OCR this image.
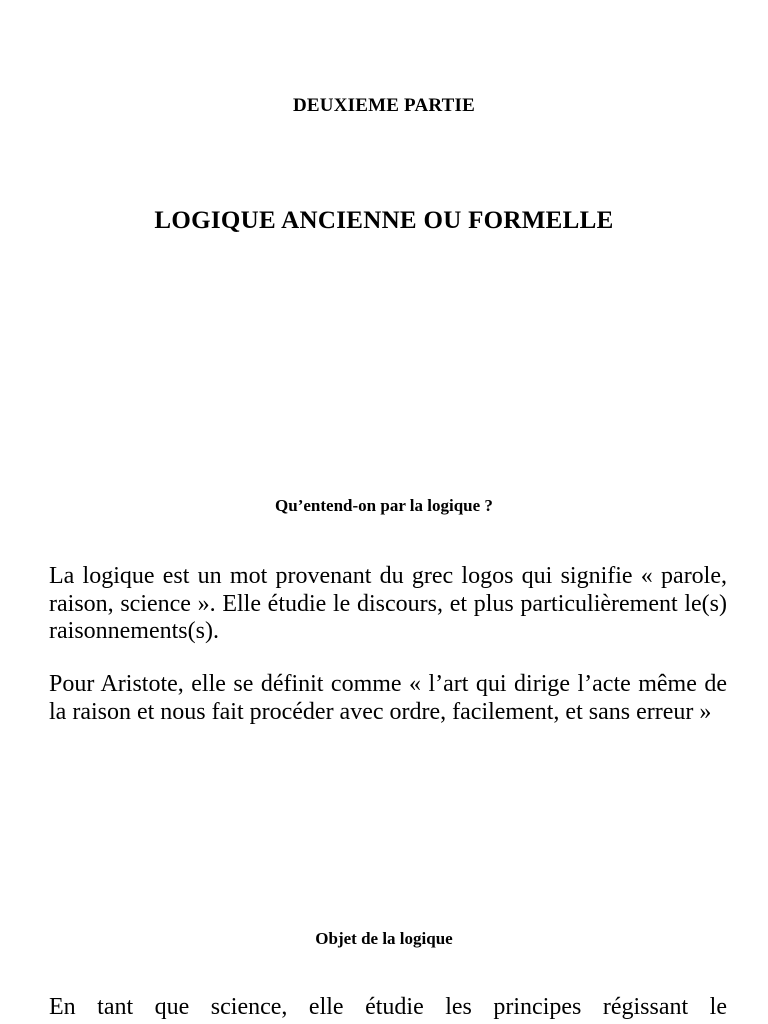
DEUXIEME PARTIE
LOGIQUE ANCIENNE OU FORMELLE
Qu’entend-on par la logique ?

La logique est un mot provenant du grec logos qui signifie « parole, raison, science ». Elle étudie le discours, et plus particulièrement le(s) raisonnements(s).

Pour Aristote, elle se définit comme « l’art qui dirige l’acte même de la raison et nous fait procéder avec ordre, facilement, et sans erreur »

Objet de la logique

En tant que science, elle étudie les principes régissant le
